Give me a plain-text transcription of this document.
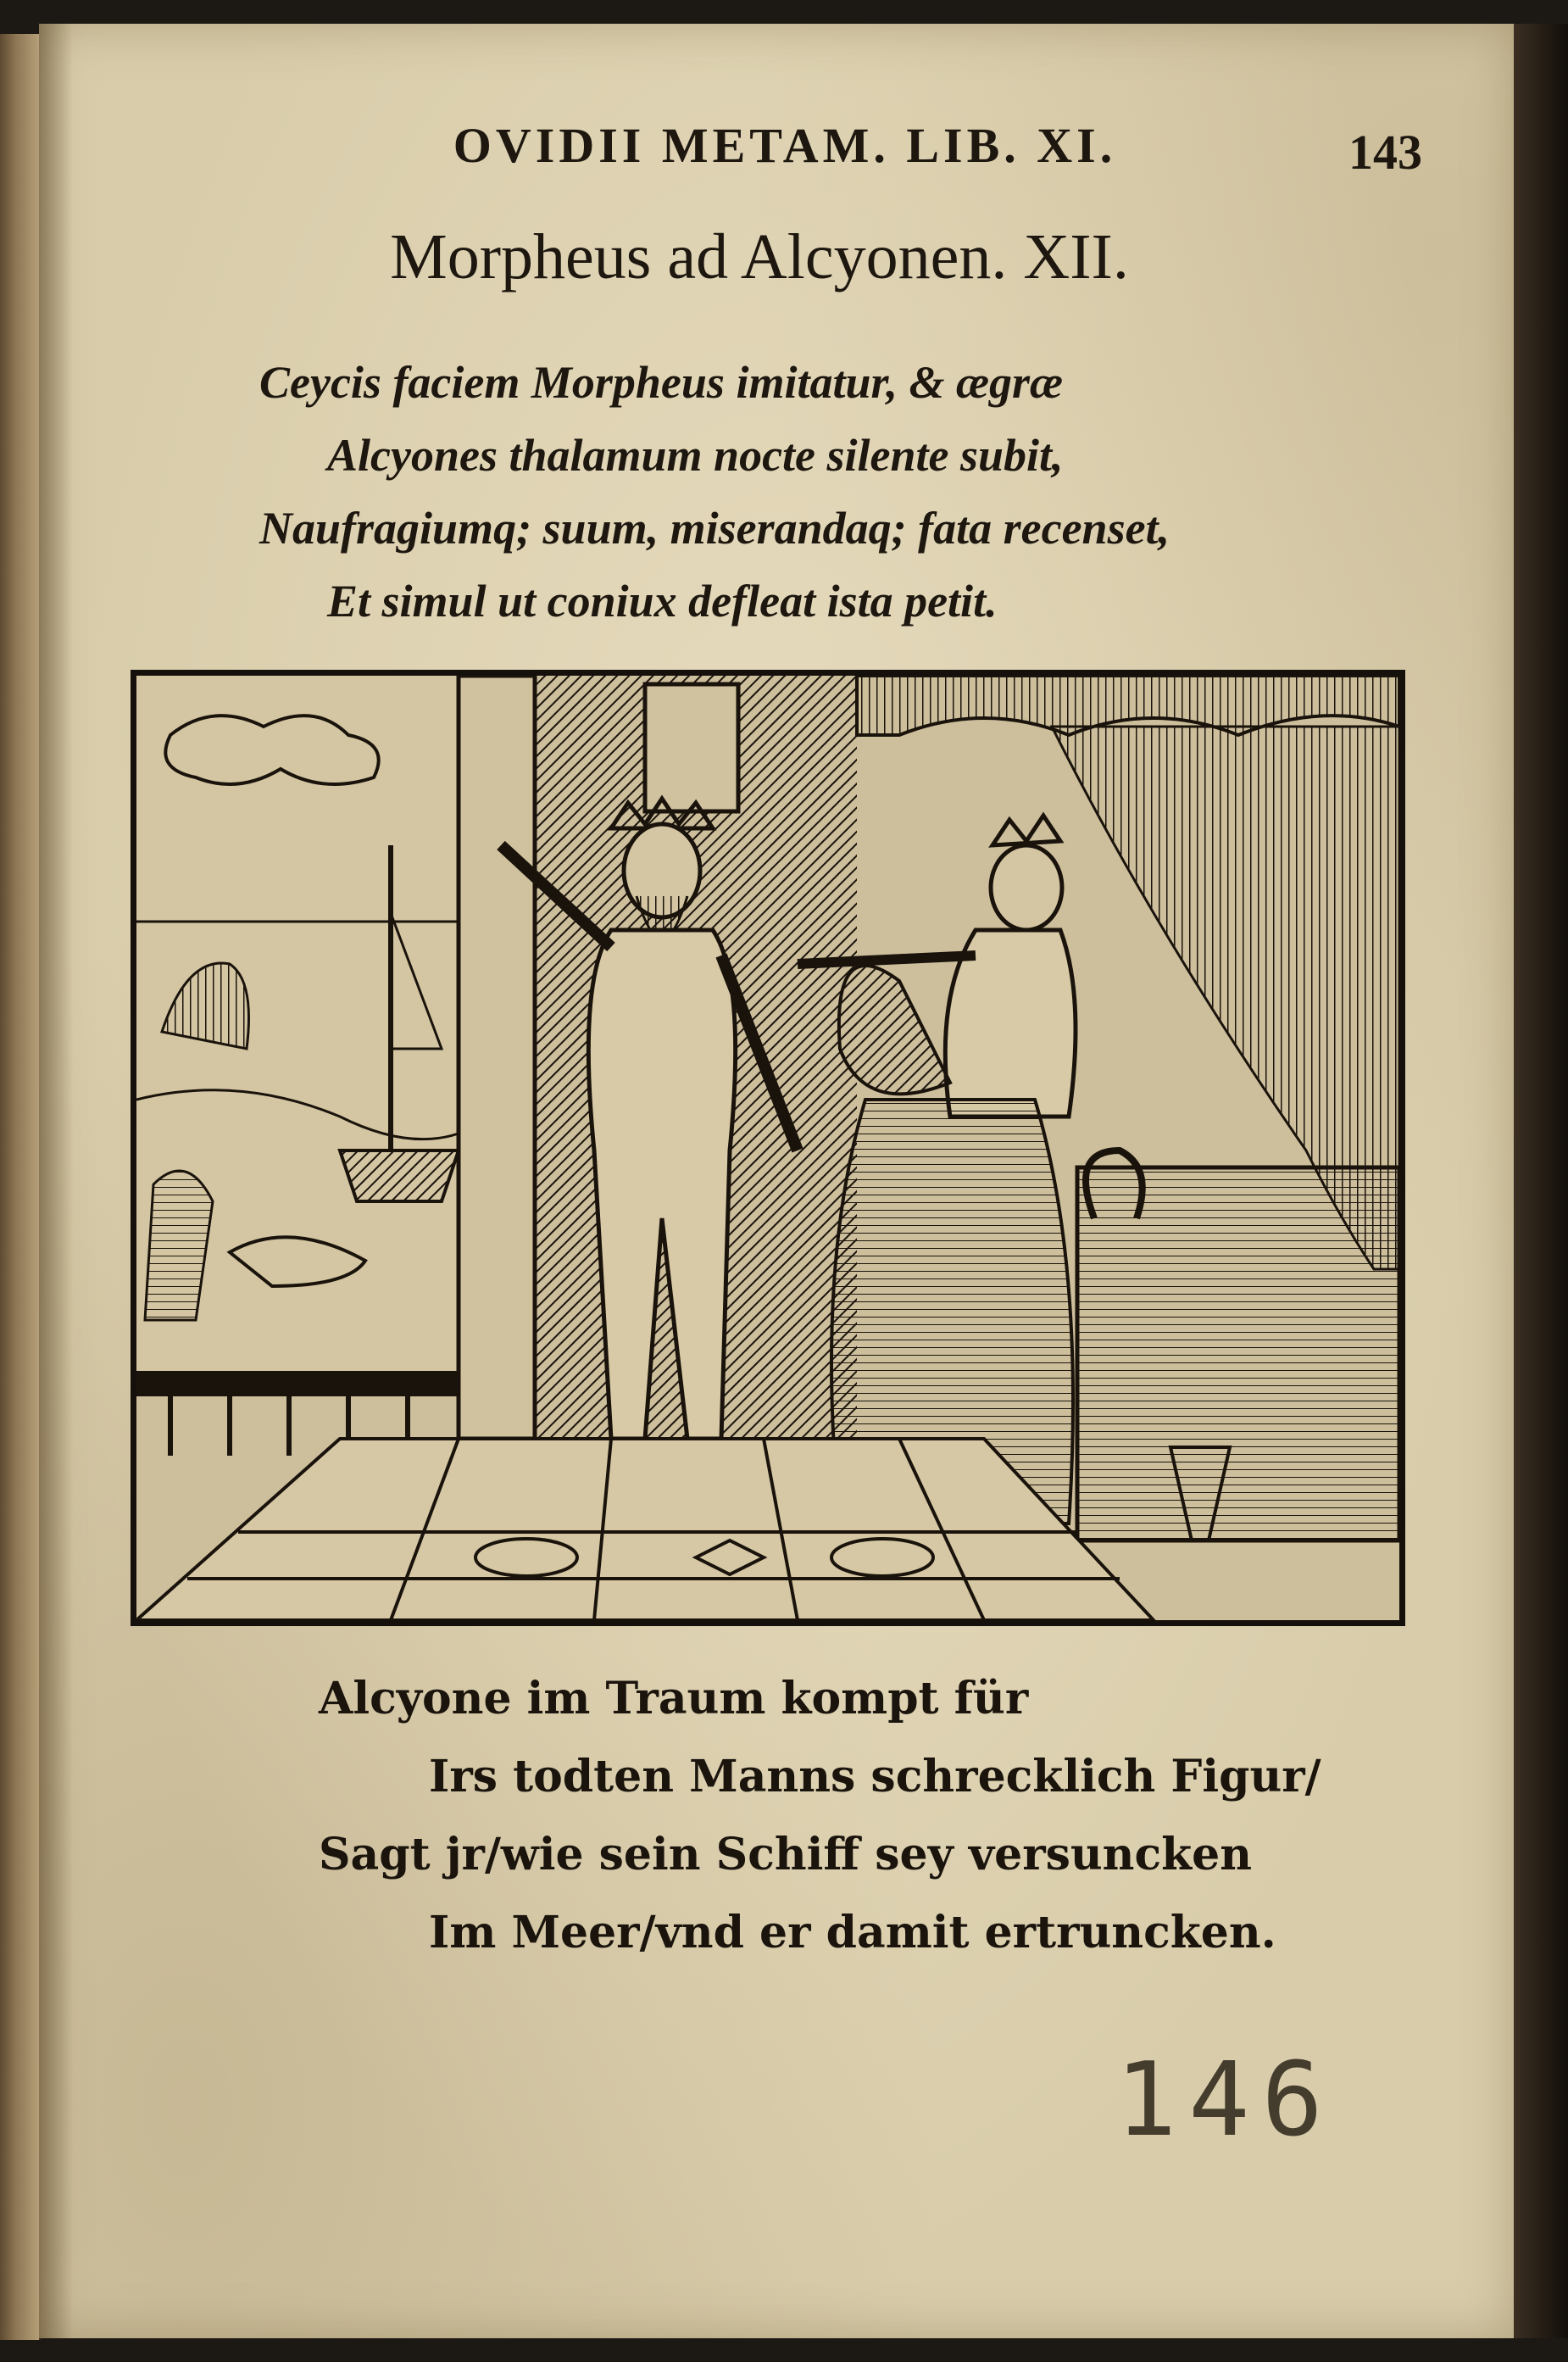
OVIDII METAM. LIB. XI.	143
Morpheus ad Alcyonen. XII.
Ceycis faciem Morpheus imitatur, & ægræ
Alcyones thalamum nocte silente subit,
Naufragiumq; suum, miserandaq; fata recenset,
Et simul ut coniux defleat ista petit.
Alcyone im Traum kompt für
Irs todten Manns schrecklich Figur/
Sagt jr/wie sein Schiff sey versuncken
Im Meer/vnd er damit ertruncken.
146
